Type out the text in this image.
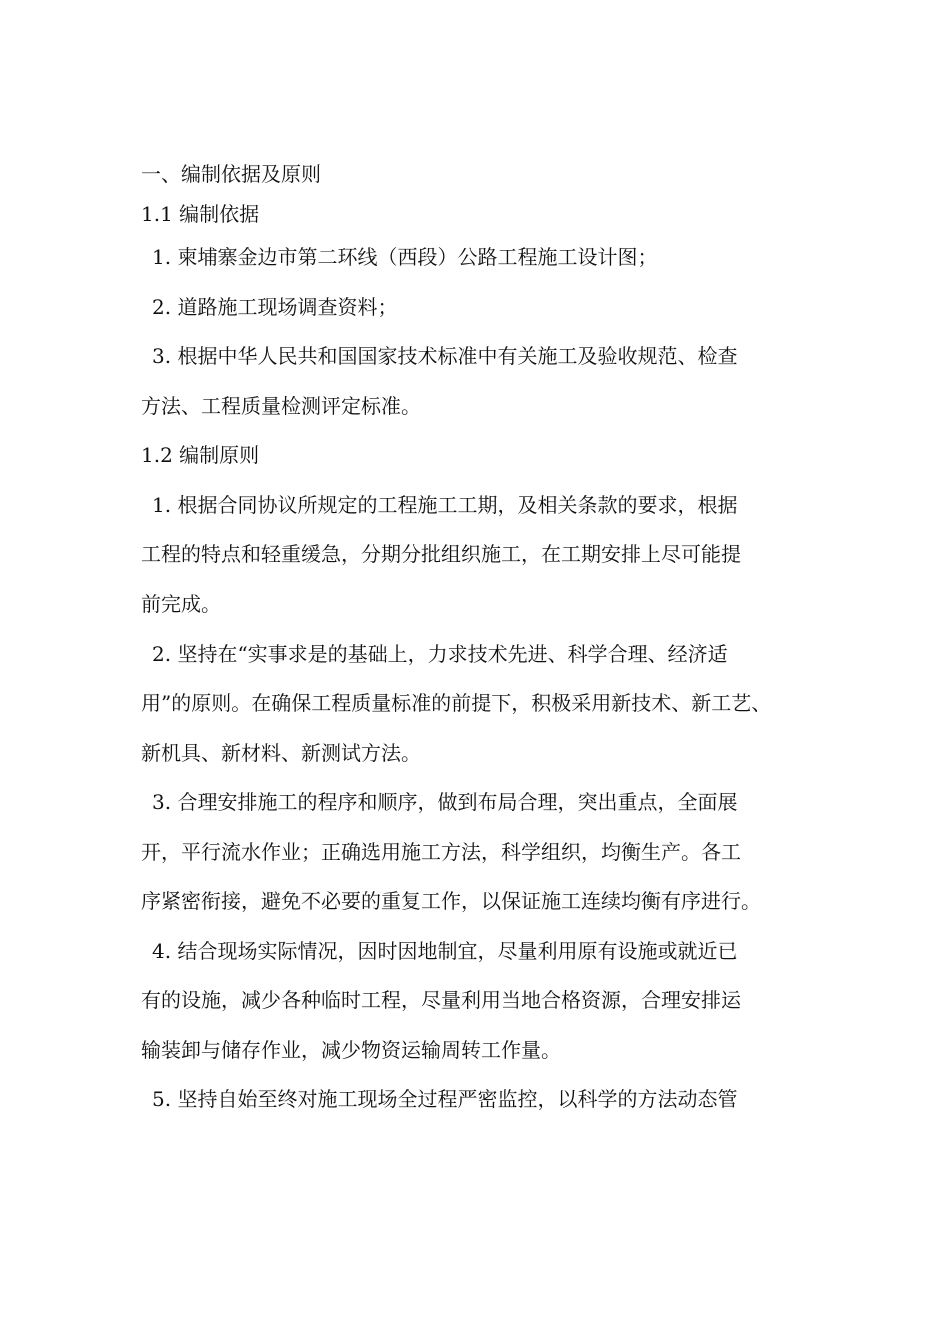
一、编制依据及原则
1.1 编制依据
1. 柬埔寨金边市第二环线（西段）公路工程施工设计图；
2. 道路施工现场调查资料；
3. 根据中华人民共和国国家技术标准中有关施工及验收规范、检查
方法、工程质量检测评定标准。
1.2 编制原则
1. 根据合同协议所规定的工程施工工期，及相关条款的要求，根据
工程的特点和轻重缓急，分期分批组织施工，在工期安排上尽可能提
前完成。
2. 坚持在“实事求是的基础上，力求技术先进、科学合理、经济适
用”的原则。在确保工程质量标准的前提下，积极采用新技术、新工艺、
新机具、新材料、新测试方法。
3. 合理安排施工的程序和顺序，做到布局合理，突出重点，全面展
开，平行流水作业；正确选用施工方法，科学组织，均衡生产。各工
序紧密衔接，避免不必要的重复工作，以保证施工连续均衡有序进行。
4. 结合现场实际情况，因时因地制宜，尽量利用原有设施或就近已
有的设施，减少各种临时工程，尽量利用当地合格资源，合理安排运
输装卸与储存作业，减少物资运输周转工作量。
5. 坚持自始至终对施工现场全过程严密监控，以科学的方法动态管
